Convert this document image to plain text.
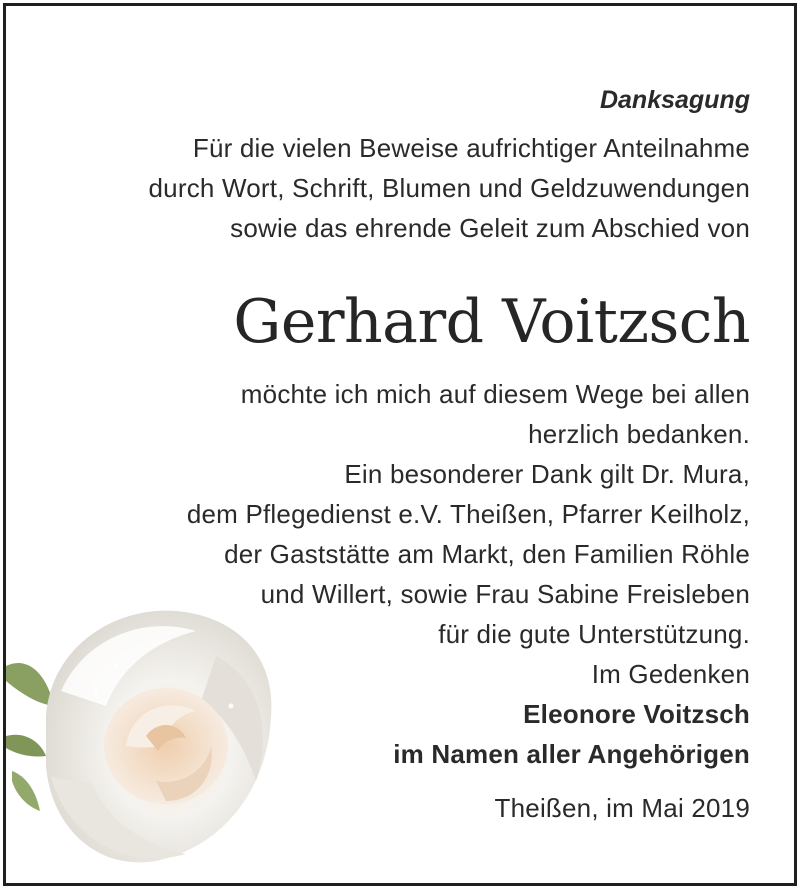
Danksagung
Für die vielen Beweise aufrichtiger Anteilnahme
durch Wort, Schrift, Blumen und Geldzuwendungen
sowie das ehrende Geleit zum Abschied von
Gerhard Voitzsch
möchte ich mich auf diesem Wege bei allen
herzlich bedanken.
Ein besonderer Dank gilt Dr. Mura,
dem Pflegedienst e.V. Theißen, Pfarrer Keilholz,
der Gaststätte am Markt, den Familien Röhle
und Willert, sowie Frau Sabine Freisleben
für die gute Unterstützung.
Im Gedenken
Eleonore Voitzsch
im Namen aller Angehörigen
Theißen, im Mai 2019
